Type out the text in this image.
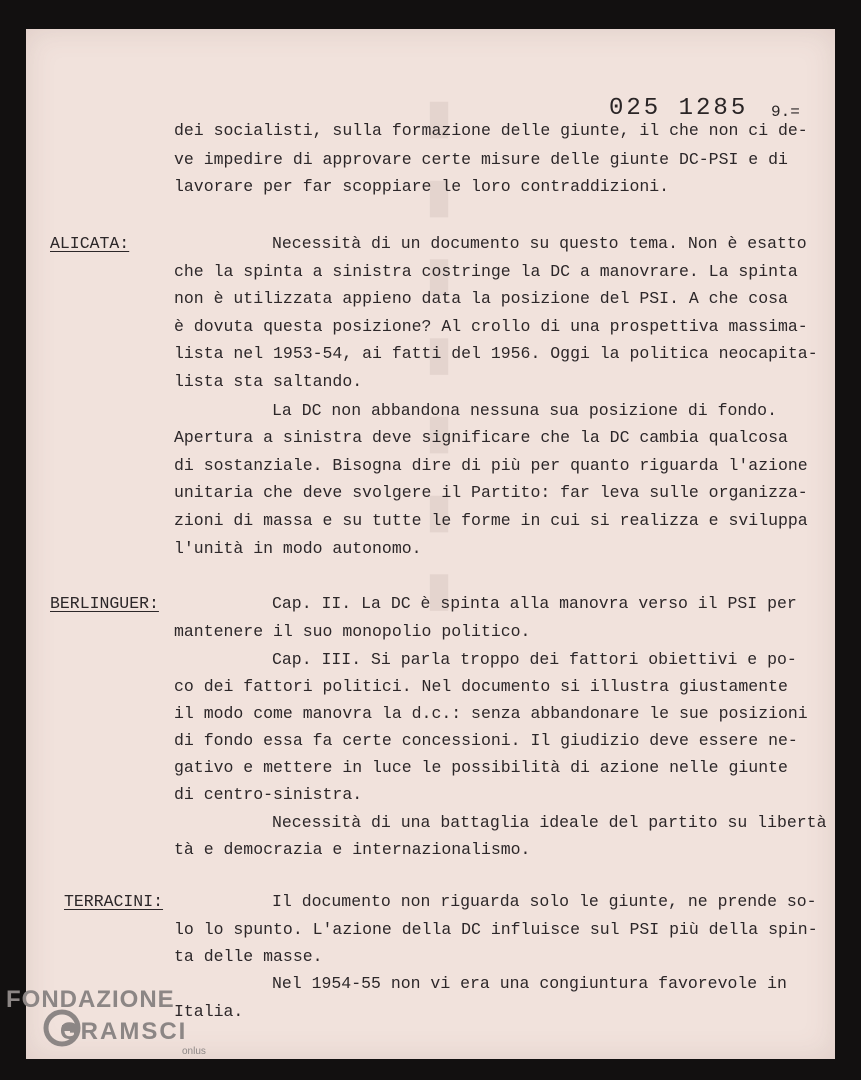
▮ ▮ ▮ ▮ ▮ ▮ ▮	025 1285 9.=
dei socialisti, sulla formazione delle giunte, il che non ci de-
ve impedire di approvare certe misure delle giunte DC-PSI e di
lavorare per far scoppiare le loro contraddizioni.
ALICATA:	Necessità di un documento su questo tema. Non è esatto
che la spinta a sinistra costringe la DC a manovrare. La spinta
non è utilizzata appieno data la posizione del PSI. A che cosa
è dovuta questa posizione? Al crollo di una prospettiva massima-
lista nel 1953-54, ai fatti del 1956. Oggi la politica neocapita-
lista sta saltando.
La DC non abbandona nessuna sua posizione di fondo.
Apertura a sinistra deve significare che la DC cambia qualcosa
di sostanziale. Bisogna dire di più per quanto riguarda l'azione
unitaria che deve svolgere il Partito: far leva sulle organizza-
zioni di massa e su tutte le forme in cui si realizza e sviluppa
l'unità in modo autonomo.
BERLINGUER:	Cap. II. La DC è spinta alla manovra verso il PSI per
mantenere il suo monopolio politico.
Cap. III. Si parla troppo dei fattori obiettivi e po-
co dei fattori politici. Nel documento si illustra giustamente
il modo come manovra la d.c.: senza abbandonare le sue posizioni
di fondo essa fa certe concessioni. Il giudizio deve essere ne-
gativo e mettere in luce le possibilità di azione nelle giunte
di centro-sinistra.
Necessità di una battaglia ideale del partito su libertà
tà e democrazia e internazionalismo.
TERRACINI:	Il documento non riguarda solo le giunte, ne prende so-
lo lo spunto. L'azione della DC influisce sul PSI più della spin-
ta delle masse.
Nel 1954-55 non vi era una congiuntura favorevole in
Italia.
FONDAZIONE
GRAMSCI
onlus
